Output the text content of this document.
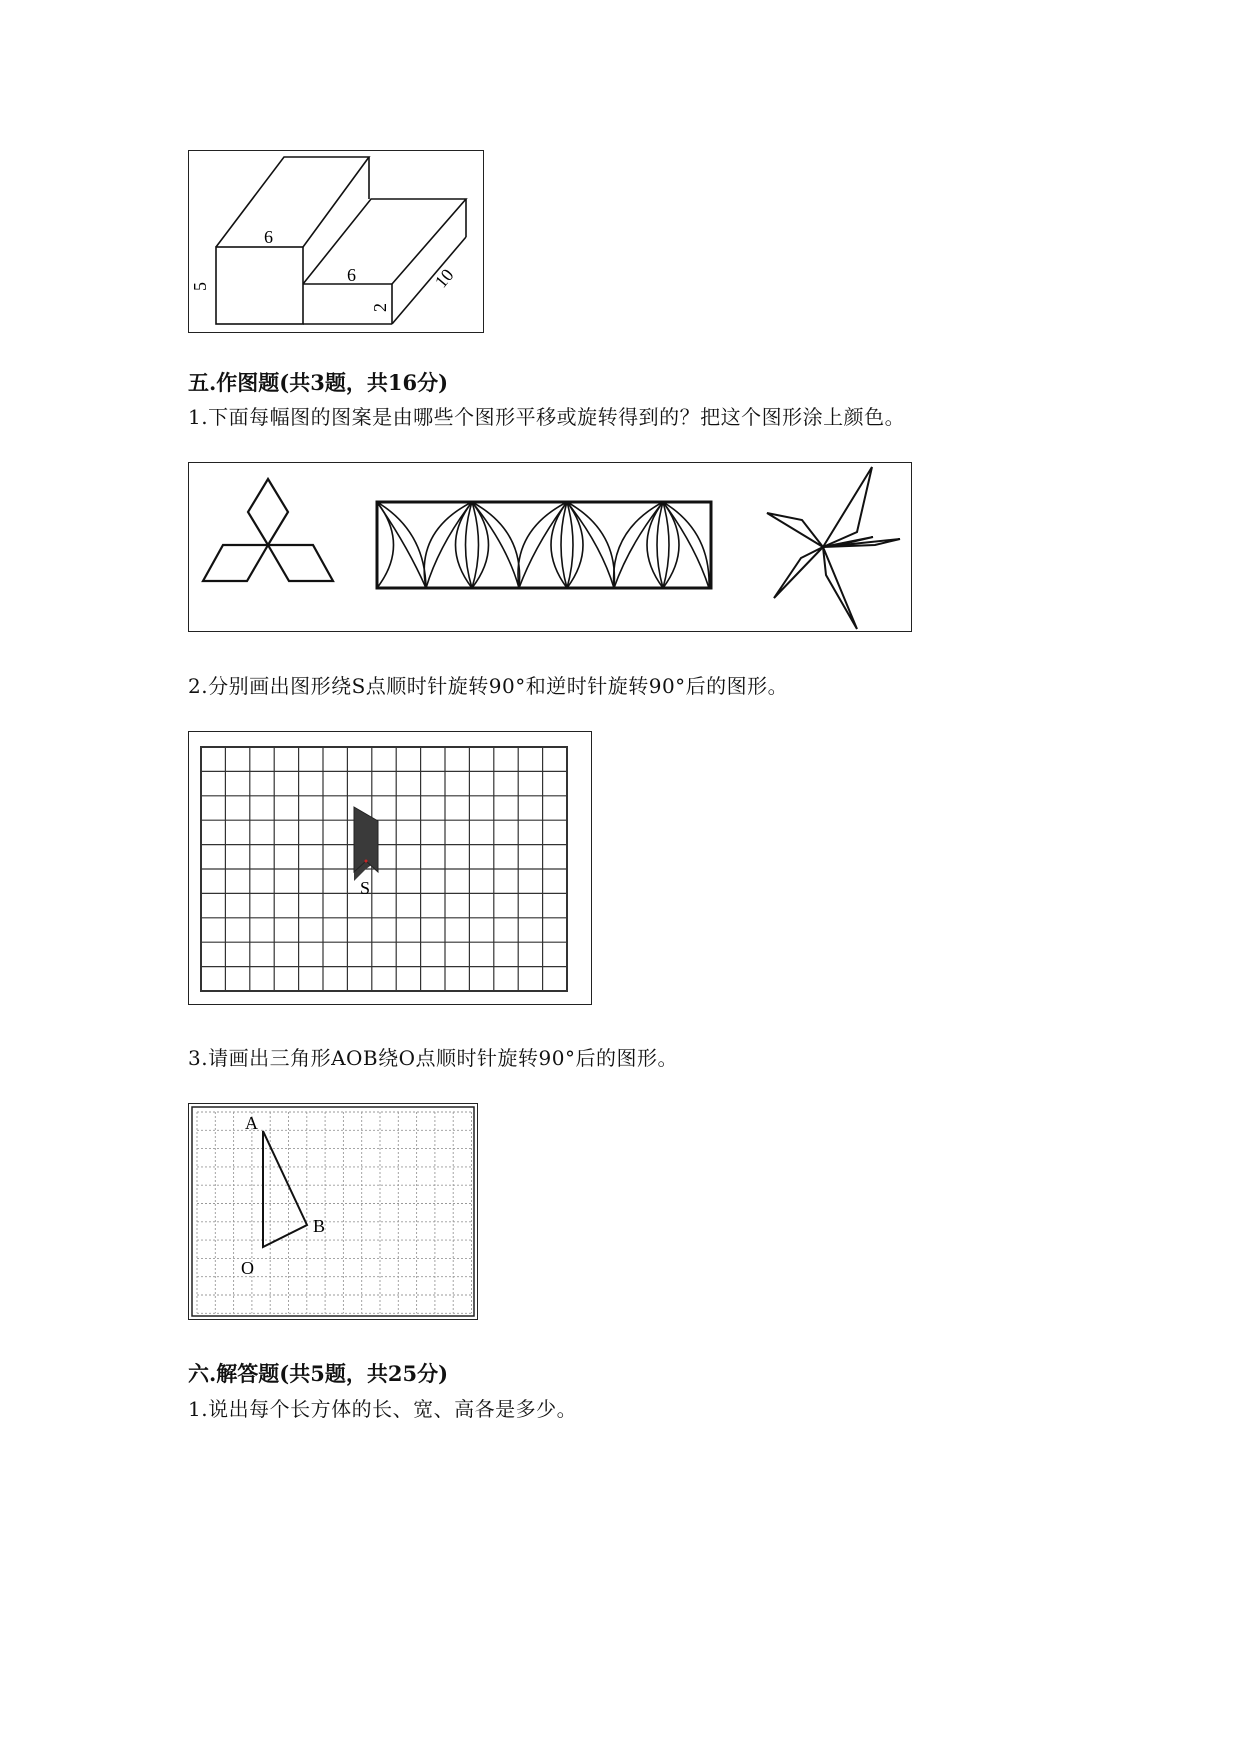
6
5
6
2
10
五.作图题(共3题，共16分)
1.下面每幅图的图案是由哪些个图形平移或旋转得到的？把这个图形涂上颜色。
2.分别画出图形绕S点顺时针旋转90°和逆时针旋转90°后的图形。
S
3.请画出三角形AOB绕O点顺时针旋转90°后的图形。
A
B
O
六.解答题(共5题，共25分)
1.说出每个长方体的长、宽、高各是多少。
